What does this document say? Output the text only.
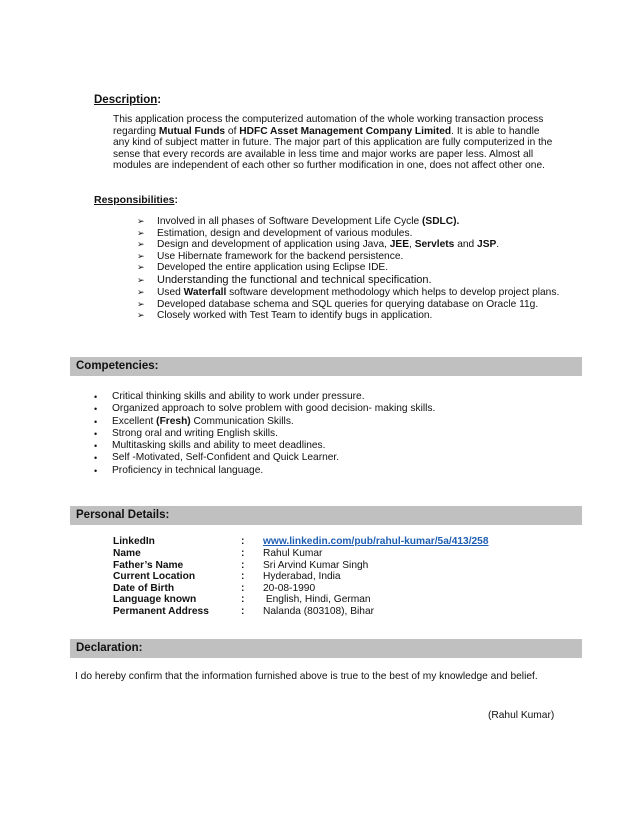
Description:
This application process the computerized automation of the whole working transaction process regarding Mutual Funds of HDFC Asset Management Company Limited. It is able to handle any kind of subject matter in future. The major part of this application are fully computerized in the sense that every records are available in less time and major works are paper less. Almost all modules are independent of each other so further modification in one, does not affect other one.
Responsibilities:
➢ Involved in all phases of Software Development Life Cycle (SDLC).
➢ Estimation, design and development of various modules.
➢ Design and development of application using Java, JEE, Servlets and JSP.
➢ Use Hibernate framework for the backend persistence.
➢ Developed the entire application using Eclipse IDE.
➢ Understanding the functional and technical specification.
➢ Used Waterfall software development methodology which helps to develop project plans.
➢ Developed database schema and SQL queries for querying database on Oracle 11g.
➢ Closely worked with Test Team to identify bugs in application.
Competencies:
• Critical thinking skills and ability to work under pressure.
• Organized approach to solve problem with good decision- making skills.
• Excellent (Fresh) Communication Skills.
• Strong oral and writing English skills.
• Multitasking skills and ability to meet deadlines.
• Self -Motivated, Self-Confident and Quick Learner.
• Proficiency in technical language.
Personal Details:
LinkedIn	: www.linkedin.com/pub/rahul-kumar/5a/413/258
Name	: Rahul Kumar
Father’s Name	: Sri Arvind Kumar Singh
Current Location	: Hyderabad, India
Date of Birth	: 20-08-1990
Language known	: English, Hindi, German
Permanent Address	: Nalanda (803108), Bihar
Declaration:
I do hereby confirm that the information furnished above is true to the best of my knowledge and belief.
(Rahul Kumar)
